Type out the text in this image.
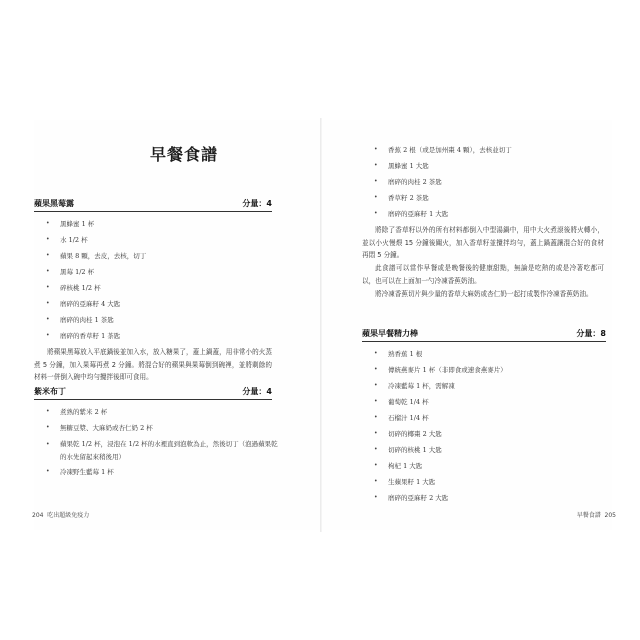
早餐食譜
蘋果黑莓露	分量：4
• 黑蜂蜜 1 杯
• 水 1/2 杯
• 蘋果 8 顆，去皮，去核，切丁
• 黑莓 1/2 杯
• 碎核桃 1/2 杯
• 磨碎的亞麻籽 4 大匙
• 磨碎的肉桂 1 茶匙
• 磨碎的香草籽 1 茶匙

將蘋果黑莓放入平底鍋後並加入水，放入糖果了，蓋上鍋蓋，用非常小的火蒸煮 5 分鐘，加入果莓再煮 2 分鐘。將混合好的蘋果與果莓倒到碗裡，並將剩餘的材料一併倒入碗中均勻攪拌後即可食用。

紫米布丁	分量：4
• 煮熟的紫米 2 杯
• 無糖豆漿、大麻奶或杏仁奶 2 杯
• 蘋果乾 1/2 杯，浸泡在 1/2 杯的水裡直到泡軟為止，然後切丁（泡過蘋果乾的水先留起來稍後用）
• 冷凍野生藍莓 1 杯
204 吃出超級免疫力
• 香蕉 2 根（或是加州棗 4 顆），去核並切丁
• 黑蜂蜜 1 大匙
• 磨碎的肉桂 2 茶匙
• 香草籽 2 茶匙
• 磨碎的亞麻籽 1 大匙

將除了香草籽以外的所有材料都倒入中型湯鍋中，用中大火煮滾後將火轉小，並以小火慢煨 15 分鐘後關火，加入香草籽並攪拌均勻，蓋上鍋蓋讓混合好的食材再悶 5 分鐘。

此食譜可以當作早餐或是晚餐後的健康甜點，無論是吃熱的或是冷著吃都可以，也可以在上面加一勺冷凍香蕉奶油。

將冷凍香蕉切片與少量的香草大麻奶或杏仁奶一起打成製作冷凍香蕉奶油。

蘋果早餐精力棒	分量：8
• 熟香蕉 1 根
• 傳統燕麥片 1 杯（非即食或速食燕麥片）
• 冷凍藍莓 1 杯，需解凍
• 葡萄乾 1/4 杯
• 石榴汁 1/4 杯
• 切碎的椰棗 2 大匙
• 切碎的核桃 1 大匙
• 枸杞 1 大匙
• 生蘋果籽 1 大匙
• 磨碎的亞麻籽 2 大匙
早餐食譜 205
